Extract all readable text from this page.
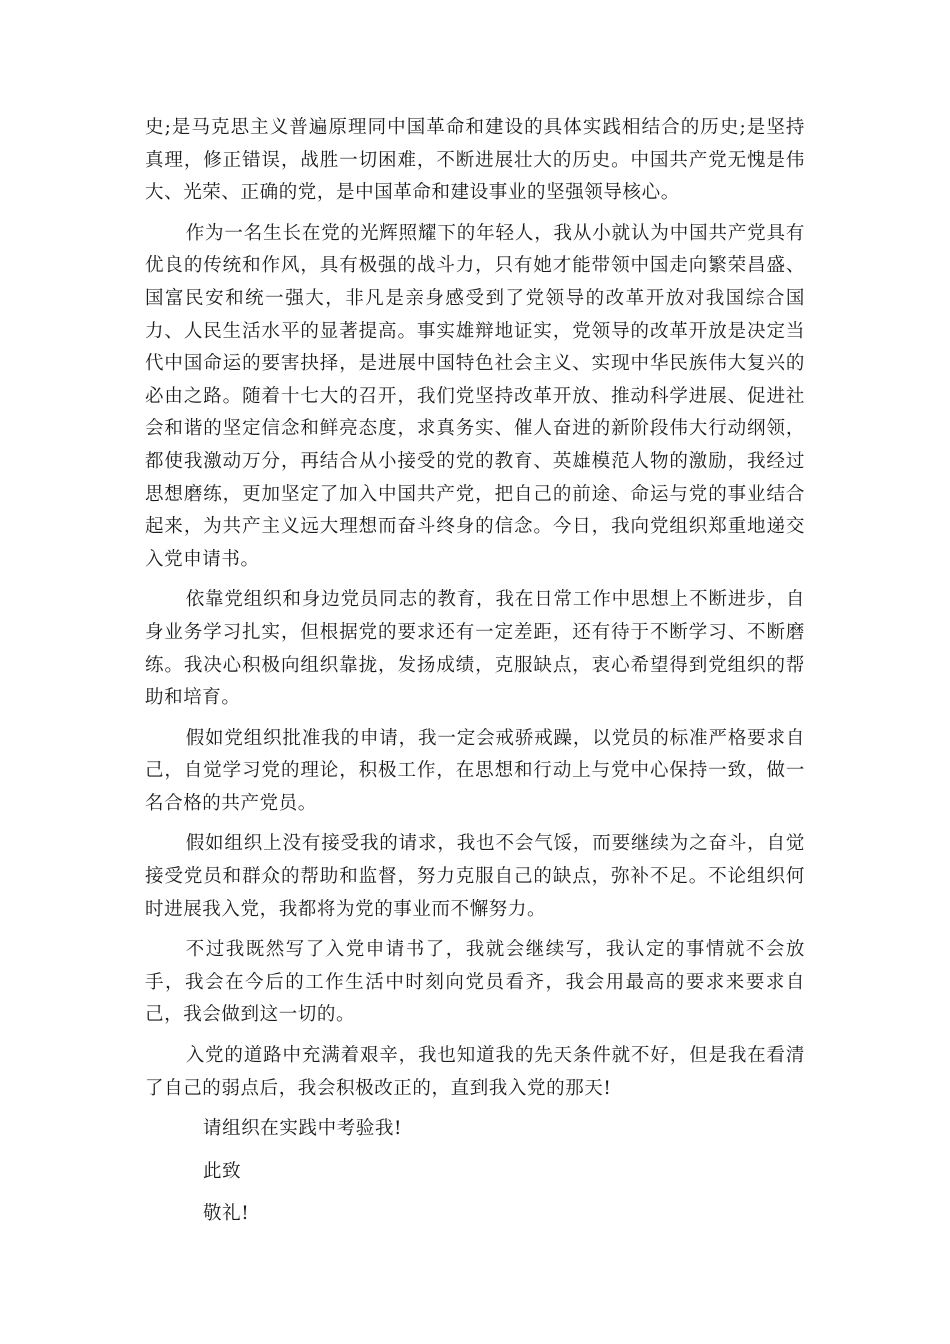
史;是马克思主义普遍原理同中国革命和建设的具体实践相结合的历史;是坚持真理，修正错误，战胜一切困难，不断进展壮大的历史。中国共产党无愧是伟大、光荣、正确的党，是中国革命和建设事业的坚强领导核心。

作为一名生长在党的光辉照耀下的年轻人，我从小就认为中国共产党具有优良的传统和作风，具有极强的战斗力，只有她才能带领中国走向繁荣昌盛、国富民安和统一强大，非凡是亲身感受到了党领导的改革开放对我国综合国力、人民生活水平的显著提高。事实雄辩地证实，党领导的改革开放是决定当代中国命运的要害抉择，是进展中国特色社会主义、实现中华民族伟大复兴的必由之路。随着十七大的召开，我们党坚持改革开放、推动科学进展、促进社会和谐的坚定信念和鲜亮态度，求真务实、催人奋进的新阶段伟大行动纲领，都使我激动万分，再结合从小接受的党的教育、英雄模范人物的激励，我经过思想磨练，更加坚定了加入中国共产党，把自己的前途、命运与党的事业结合起来，为共产主义远大理想而奋斗终身的信念。今日，我向党组织郑重地递交入党申请书。

依靠党组织和身边党员同志的教育，我在日常工作中思想上不断进步，自身业务学习扎实，但根据党的要求还有一定差距，还有待于不断学习、不断磨练。我决心积极向组织靠拢，发扬成绩，克服缺点，衷心希望得到党组织的帮助和培育。

假如党组织批准我的申请，我一定会戒骄戒躁，以党员的标准严格要求自己，自觉学习党的理论，积极工作，在思想和行动上与党中心保持一致，做一名合格的共产党员。

假如组织上没有接受我的请求，我也不会气馁，而要继续为之奋斗，自觉接受党员和群众的帮助和监督，努力克服自己的缺点，弥补不足。不论组织何时进展我入党，我都将为党的事业而不懈努力。

不过我既然写了入党申请书了，我就会继续写，我认定的事情就不会放手，我会在今后的工作生活中时刻向党员看齐，我会用最高的要求来要求自己，我会做到这一切的。

入党的道路中充满着艰辛，我也知道我的先天条件就不好，但是我在看清了自己的弱点后，我会积极改正的，直到我入党的那天!

请组织在实践中考验我!

此致

敬礼!
